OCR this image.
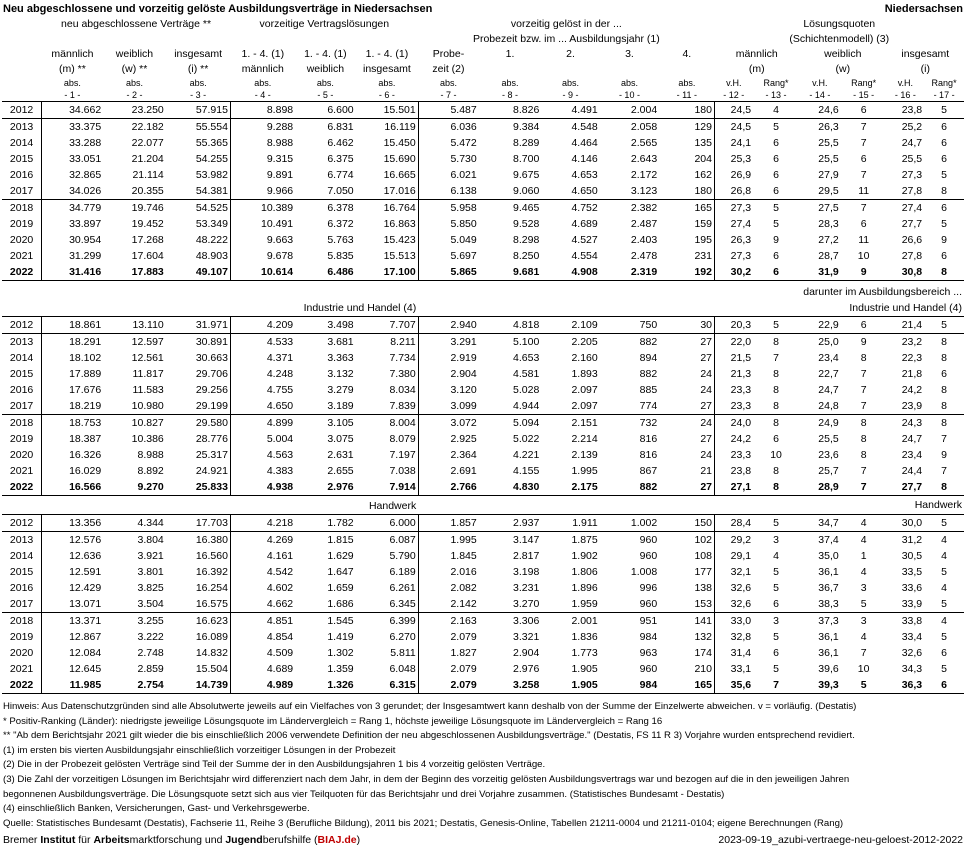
Neu abgeschlossene und vorzeitig gelöste Ausbildungsverträge in Niedersachsen	Niedersachsen
	neu abgeschlossene Verträge **			vorzeitige Vertragslösungen			vorzeitig gelöst in der ...					Lösungsquoten					
							Probezeit bzw. im ... Ausbildungsjahr (1)					(Schichtenmodell) (3)					
	männlich	weiblich	insgesamt	1. - 4. (1)	1. - 4. (1)	1. - 4. (1)	Probe-	1.	2.	3.	4.	männlich		weiblich		insgesamt	
	(m) **	(w) **	(i) **	männlich	weiblich	insgesamt	zeit (2)					(m)		(w)		(i)	
	abs.	abs.	abs.	abs.	abs.	abs.	abs.	abs.	abs.	abs.	abs.	v.H.	Rang*	v.H.	Rang*	v.H.	Rang*
	- 1 -	- 2 -	- 3 -	- 4 -	- 5 -	- 6 -	- 7 -	- 8 -	- 9 -	- 10 -	- 11 -	- 12 -	- 13 -	- 14 -	- 15 -	- 16 -	- 17 -
2012	34.662	23.250	57.915	8.898	6.600	15.501	5.487	8.826	4.491	2.004	180	24,5	4	24,6	6	23,8	5
2013	33.375	22.182	55.554	9.288	6.831	16.119	6.036	9.384	4.548	2.058	129	24,5	5	26,3	7	25,2	6
2014	33.288	22.077	55.365	8.988	6.462	15.450	5.472	8.289	4.464	2.565	135	24,1	6	25,5	7	24,7	6
2015	33.051	21.204	54.255	9.315	6.375	15.690	5.730	8.700	4.146	2.643	204	25,3	6	25,5	6	25,5	6
2016	32.865	21.114	53.982	9.891	6.774	16.665	6.021	9.675	4.653	2.172	162	26,9	6	27,9	7	27,3	5
2017	34.026	20.355	54.381	9.966	7.050	17.016	6.138	9.060	4.650	3.123	180	26,8	6	29,5	11	27,8	8
2018	34.779	19.746	54.525	10.389	6.378	16.764	5.958	9.465	4.752	2.382	165	27,3	5	27,5	7	27,4	6
2019	33.897	19.452	53.349	10.491	6.372	16.863	5.850	9.528	4.689	2.487	159	27,4	5	28,3	6	27,7	5
2020	30.954	17.268	48.222	9.663	5.763	15.423	5.049	8.298	4.527	2.403	195	26,3	9	27,2	11	26,6	9
2021	31.299	17.604	48.903	9.678	5.835	15.513	5.697	8.250	4.554	2.478	231	27,3	6	28,7	10	27,8	6
2022	31.416	17.883	49.107	10.614	6.486	17.100	5.865	9.681	4.908	2.319	192	30,2	6	31,9	9	30,8	8
darunter im Ausbildungsbereich ...																	
	Industrie und Handel (4)						Industrie und Handel (4)										
2012	18.861	13.110	31.971	4.209	3.498	7.707	2.940	4.818	2.109	750	30	20,3	5	22,9	6	21,4	5
2013	18.291	12.597	30.891	4.533	3.681	8.211	3.291	5.100	2.205	882	27	22,0	8	25,0	9	23,2	8
2014	18.102	12.561	30.663	4.371	3.363	7.734	2.919	4.653	2.160	894	27	21,5	7	23,4	8	22,3	8
2015	17.889	11.817	29.706	4.248	3.132	7.380	2.904	4.581	1.893	882	24	21,3	8	22,7	7	21,8	6
2016	17.676	11.583	29.256	4.755	3.279	8.034	3.120	5.028	2.097	885	24	23,3	8	24,7	7	24,2	8
2017	18.219	10.980	29.199	4.650	3.189	7.839	3.099	4.944	2.097	774	27	23,3	8	24,8	7	23,9	8
2018	18.753	10.827	29.580	4.899	3.105	8.004	3.072	5.094	2.151	732	24	24,0	8	24,9	8	24,3	8
2019	18.387	10.386	28.776	5.004	3.075	8.079	2.925	5.022	2.214	816	27	24,2	6	25,5	8	24,7	7
2020	16.326	8.988	25.317	4.563	2.631	7.197	2.364	4.221	2.139	816	24	23,3	10	23,6	8	23,4	9
2021	16.029	8.892	24.921	4.383	2.655	7.038	2.691	4.155	1.995	867	21	23,8	8	25,7	7	24,4	7
2022	16.566	9.270	25.833	4.938	2.976	7.914	2.766	4.830	2.175	882	27	27,1	8	28,9	7	27,7	8
	Handwerk						Handwerk										
2012	13.356	4.344	17.703	4.218	1.782	6.000	1.857	2.937	1.911	1.002	150	28,4	5	34,7	4	30,0	5
2013	12.576	3.804	16.380	4.269	1.815	6.087	1.995	3.147	1.875	960	102	29,2	3	37,4	4	31,2	4
2014	12.636	3.921	16.560	4.161	1.629	5.790	1.845	2.817	1.902	960	108	29,1	4	35,0	1	30,5	4
2015	12.591	3.801	16.392	4.542	1.647	6.189	2.016	3.198	1.806	1.008	177	32,1	5	36,1	4	33,5	5
2016	12.429	3.825	16.254	4.602	1.659	6.261	2.082	3.231	1.896	996	138	32,6	5	36,7	3	33,6	4
2017	13.071	3.504	16.575	4.662	1.686	6.345	2.142	3.270	1.959	960	153	32,6	6	38,3	5	33,9	5
2018	13.371	3.255	16.623	4.851	1.545	6.399	2.163	3.306	2.001	951	141	33,0	3	37,3	3	33,8	4
2019	12.867	3.222	16.089	4.854	1.419	6.270	2.079	3.321	1.836	984	132	32,8	5	36,1	4	33,4	5
2020	12.084	2.748	14.832	4.509	1.302	5.811	1.827	2.904	1.773	963	174	31,4	6	36,1	7	32,6	6
2021	12.645	2.859	15.504	4.689	1.359	6.048	2.079	2.976	1.905	960	210	33,1	5	39,6	10	34,3	5
2022	11.985	2.754	14.739	4.989	1.326	6.315	2.079	3.258	1.905	984	165	35,6	7	39,3	5	36,3	6
Hinweis: Aus Datenschutzgründen sind alle Absolutwerte jeweils auf ein Vielfaches von 3 gerundet; der Insgesamtwert kann deshalb von der Summe der Einzelwerte abweichen. v = vorläufig. (Destatis)
* Positiv-Ranking (Länder): niedrigste jeweilige Lösungsquote im Ländervergleich = Rang 1, höchste jeweilige Lösungsquote im Ländervergleich = Rang 16
** "Ab dem Berichtsjahr 2021 gilt wieder die bis einschließlich 2006 verwendete Definition der neu abgeschlossenen Ausbildungsverträge." (Destatis, FS 11 R 3) Vorjahre wurden entsprechend revidiert.
(1) im ersten bis vierten Ausbildungsjahr einschließlich vorzeitiger Lösungen in der Probezeit
(2) Die in der Probezeit gelösten Verträge sind Teil der Summe der in den Ausbildungsjahren 1 bis 4 vorzeitig gelösten Verträge.
(3) Die Zahl der vorzeitigen Lösungen im Berichtsjahr wird differenziert nach dem Jahr, in dem der Beginn des vorzeitig gelösten Ausbildungsvertrags war und bezogen auf die in den jeweiligen Jahren
begonnenen Ausbildungsverträge. Die Lösungsquote setzt sich aus vier Teilquoten für das Berichtsjahr und drei Vorjahre zusammen. (Statistisches Bundesamt - Destatis)
(4) einschließlich Banken, Versicherungen, Gast- und Verkehrsgewerbe.
Quelle: Statistisches Bundesamt (Destatis), Fachserie 11, Reihe 3 (Berufliche Bildung), 2011 bis 2021; Destatis, Genesis-Online, Tabellen 21211-0004 und 21211-0104; eigene Berechnungen (Rang)
Bremer Institut für Arbeitsmarktforschung und Jugendberufshilfe (BIAJ.de)	2023-09-19_azubi-vertraege-neu-geloest-2012-2022
